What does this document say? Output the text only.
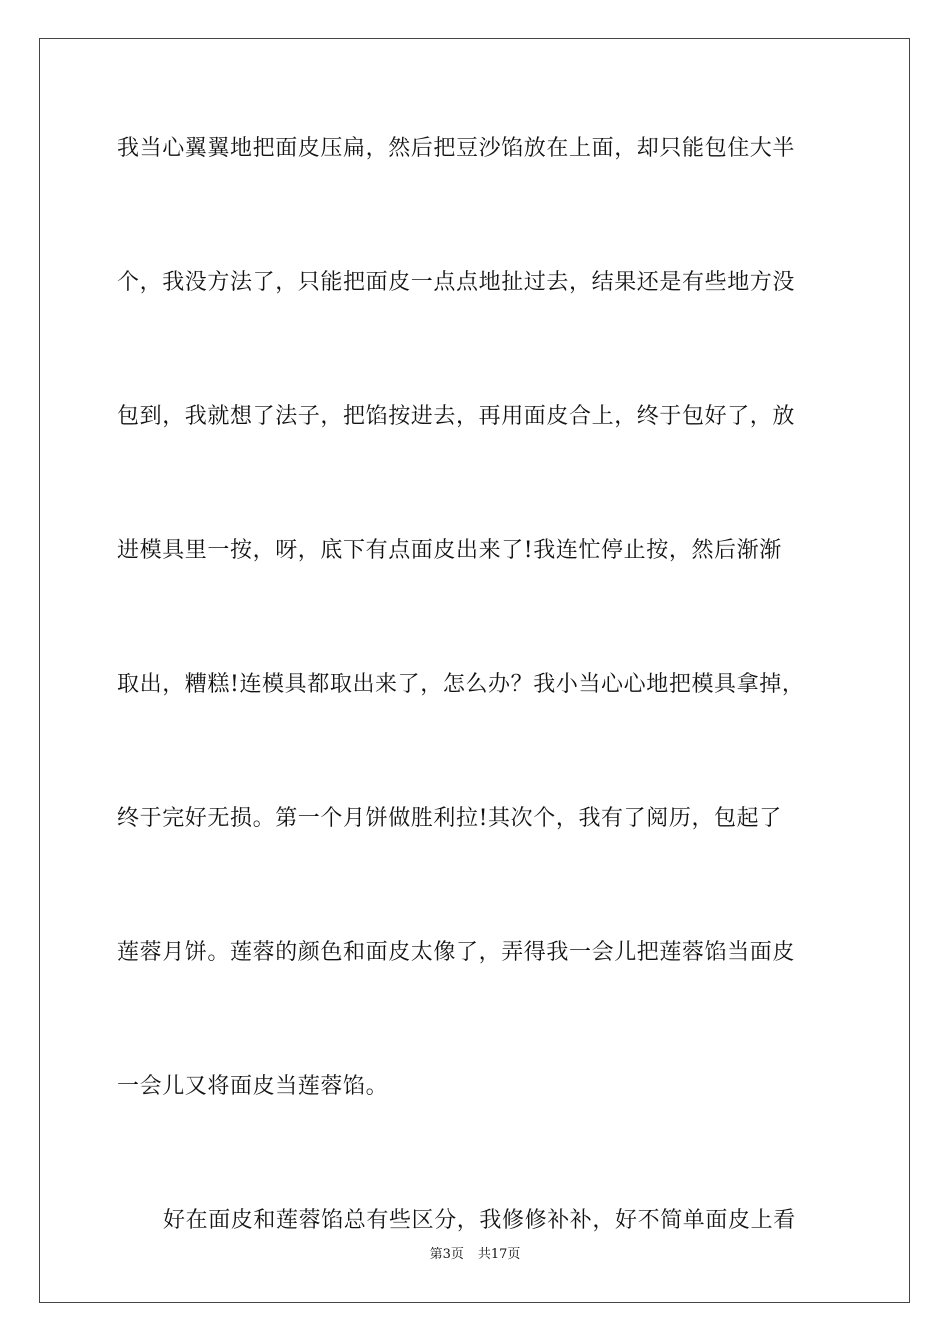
我当心翼翼地把面皮压扁，然后把豆沙馅放在上面，却只能包住大半
个，我没方法了，只能把面皮一点点地扯过去，结果还是有些地方没
包到，我就想了法子，把馅按进去，再用面皮合上，终于包好了，放
进模具里一按，呀，底下有点面皮出来了!我连忙停止按，然后渐渐
取出，糟糕!连模具都取出来了，怎么办？我小当心心地把模具拿掉，
终于完好无损。第一个月饼做胜利拉!其次个，我有了阅历，包起了
莲蓉月饼。莲蓉的颜色和面皮太像了，弄得我一会儿把莲蓉馅当面皮
一会儿又将面皮当莲蓉馅。
好在面皮和莲蓉馅总有些区分，我修修补补，好不简单面皮上看
第3页 共17页
